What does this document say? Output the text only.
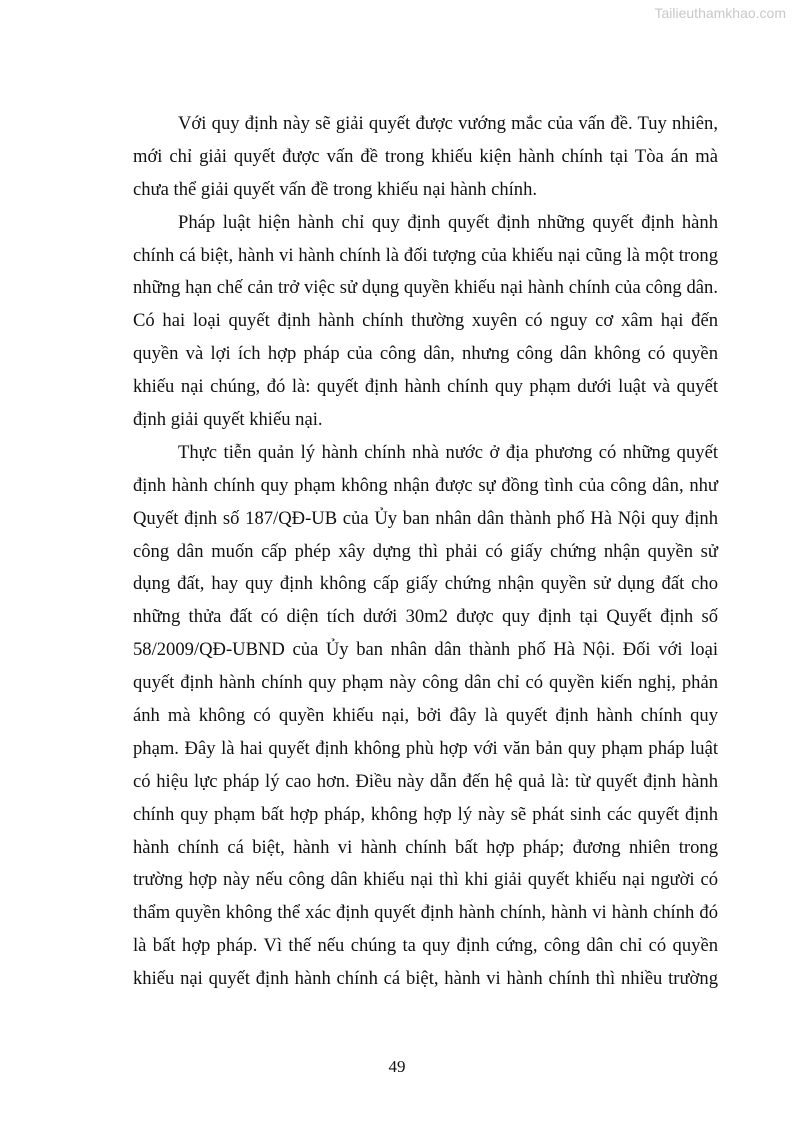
Tailieuthamkhao.com
Với quy định này sẽ giải quyết được vướng mắc của vấn đề. Tuy nhiên,
mới chỉ giải quyết được vấn đề trong khiếu kiện hành chính tại Tòa án mà
chưa thể giải quyết vấn đề trong khiếu nại hành chính.
Pháp luật hiện hành chỉ quy định quyết định những quyết định hành
chính cá biệt, hành vi hành chính là đối tượng của khiếu nại cũng là một trong
những hạn chế cản trở việc sử dụng quyền khiếu nại hành chính của công dân.
Có hai loại quyết định hành chính thường xuyên có nguy cơ xâm hại đến
quyền và lợi ích hợp pháp của công dân, nhưng công dân không có quyền
khiếu nại chúng, đó là: quyết định hành chính quy phạm dưới luật và quyết
định giải quyết khiếu nại.
Thực tiễn quản lý hành chính nhà nước ở địa phương có những quyết
định hành chính quy phạm không nhận được sự đồng tình của công dân, như
Quyết định số 187/QĐ-UB của Ủy ban nhân dân thành phố Hà Nội quy định
công dân muốn cấp phép xây dựng thì phải có giấy chứng nhận quyền sử
dụng đất, hay quy định không cấp giấy chứng nhận quyền sử dụng đất cho
những thửa đất có diện tích dưới 30m2 được quy định tại Quyết định số
58/2009/QĐ-UBND của Ủy ban nhân dân thành phố Hà Nội. Đối với loại
quyết định hành chính quy phạm này công dân chỉ có quyền kiến nghị, phản
ánh mà không có quyền khiếu nại, bởi đây là quyết định hành chính quy
phạm. Đây là hai quyết định không phù hợp với văn bản quy phạm pháp luật
có hiệu lực pháp lý cao hơn. Điều này dẫn đến hệ quả là: từ quyết định hành
chính quy phạm bất hợp pháp, không hợp lý này sẽ phát sinh các quyết định
hành chính cá biệt, hành vi hành chính bất hợp pháp; đương nhiên trong
trường hợp này nếu công dân khiếu nại thì khi giải quyết khiếu nại người có
thẩm quyền không thể xác định quyết định hành chính, hành vi hành chính đó
là bất hợp pháp. Vì thế nếu chúng ta quy định cứng, công dân chỉ có quyền
khiếu nại quyết định hành chính cá biệt, hành vi hành chính thì nhiều trường
49
